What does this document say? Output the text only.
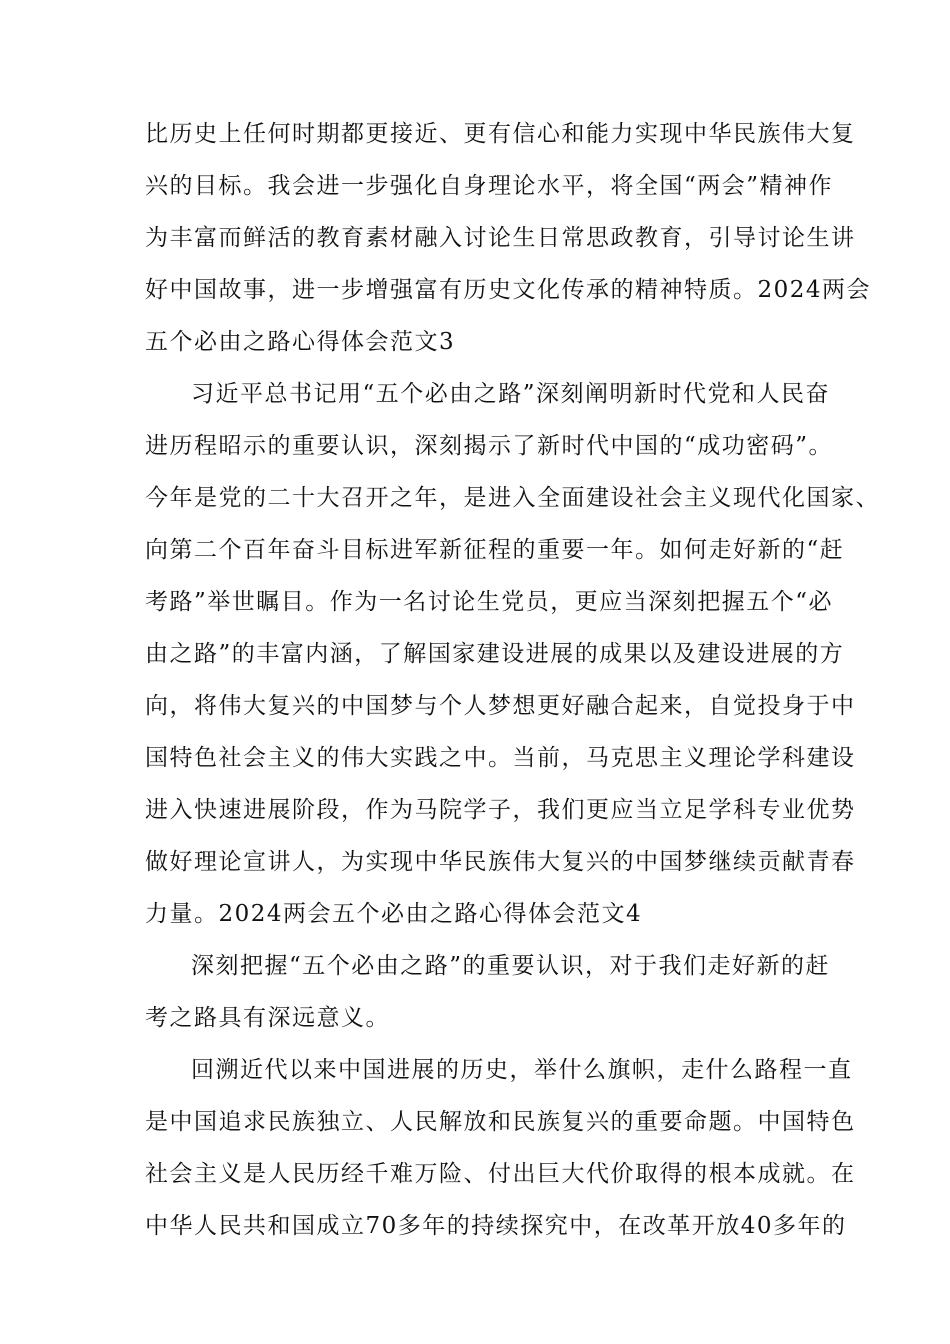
比历史上任何时期都更接近、更有信心和能力实现中华民族伟大复
兴的目标。我会进一步强化自身理论水平，将全国“两会”精神作
为丰富而鲜活的教育素材融入讨论生日常思政教育，引导讨论生讲
好中国故事，进一步增强富有历史文化传承的精神特质。2024两会
五个必由之路心得体会范文3
习近平总书记用“五个必由之路”深刻阐明新时代党和人民奋
进历程昭示的重要认识，深刻揭示了新时代中国的“成功密码”。
今年是党的二十大召开之年，是进入全面建设社会主义现代化国家、
向第二个百年奋斗目标进军新征程的重要一年。如何走好新的“赶
考路”举世瞩目。作为一名讨论生党员，更应当深刻把握五个“必
由之路”的丰富内涵，了解国家建设进展的成果以及建设进展的方
向，将伟大复兴的中国梦与个人梦想更好融合起来，自觉投身于中
国特色社会主义的伟大实践之中。当前，马克思主义理论学科建设
进入快速进展阶段，作为马院学子，我们更应当立足学科专业优势
做好理论宣讲人，为实现中华民族伟大复兴的中国梦继续贡献青春
力量。2024两会五个必由之路心得体会范文4
深刻把握“五个必由之路”的重要认识，对于我们走好新的赶
考之路具有深远意义。
回溯近代以来中国进展的历史，举什么旗帜，走什么路程一直
是中国追求民族独立、人民解放和民族复兴的重要命题。中国特色
社会主义是人民历经千难万险、付出巨大代价取得的根本成就。在
中华人民共和国成立70多年的持续探究中，在改革开放40多年的
